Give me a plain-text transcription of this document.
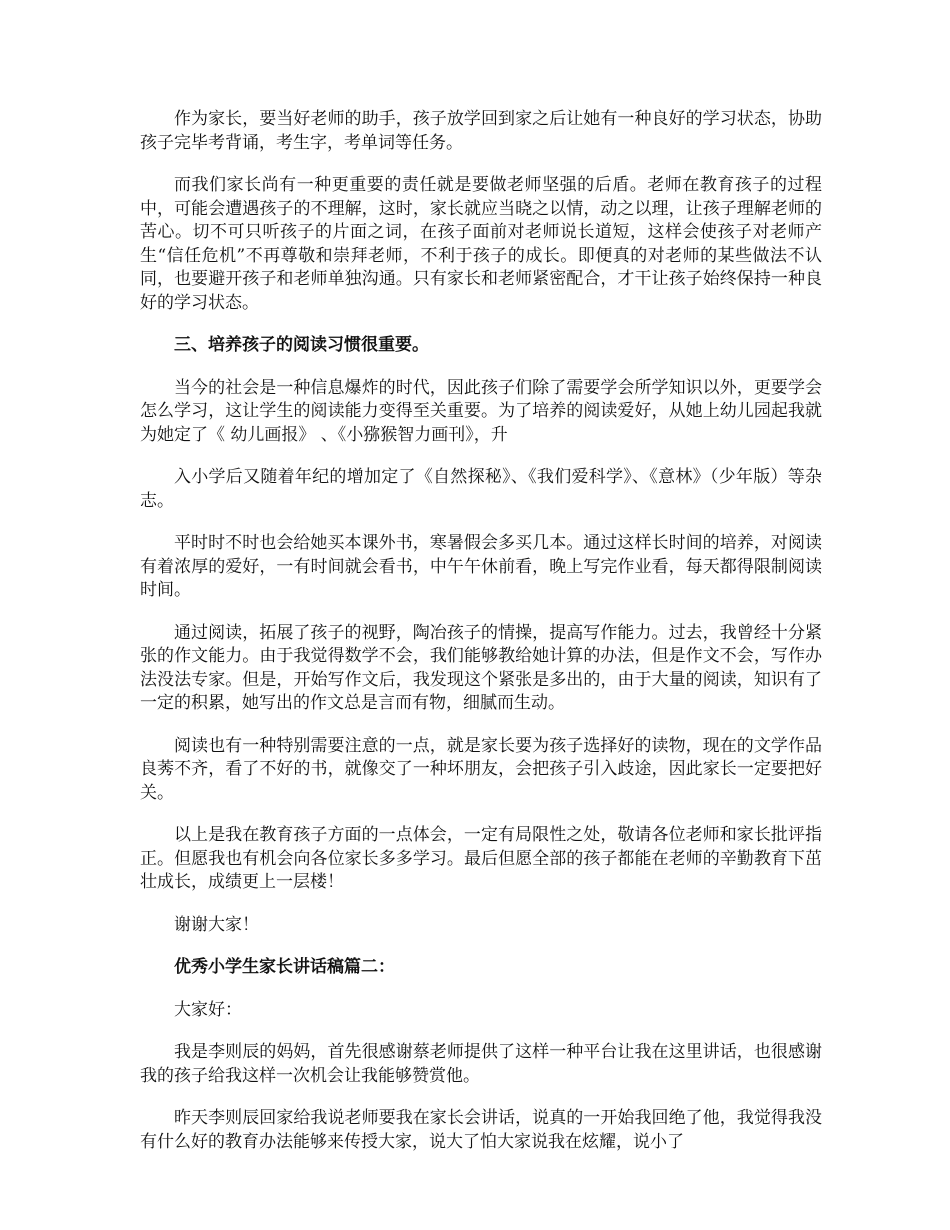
作为家长，要当好老师的助手，孩子放学回到家之后让她有一种良好的学习状态，协助孩子完毕考背诵，考生字，考单词等任务。

而我们家长尚有一种更重要的责任就是要做老师坚强的后盾。老师在教育孩子的过程中，可能会遭遇孩子的不理解，这时，家长就应当晓之以情，动之以理，让孩子理解老师的苦心。切不可只听孩子的片面之词，在孩子面前对老师说长道短，这样会使孩子对老师产生“信任危机”不再尊敬和崇拜老师，不利于孩子的成长。即便真的对老师的某些做法不认同，也要避开孩子和老师单独沟通。只有家长和老师紧密配合，才干让孩子始终保持一种良好的学习状态。

三、培养孩子的阅读习惯很重要。

当今的社会是一种信息爆炸的时代，因此孩子们除了需要学会所学知识以外，更要学会怎么学习，这让学生的阅读能力变得至关重要。为了培养的阅读爱好，从她上幼儿园起我就为她定了《 幼儿画报》 、《小猕猴智力画刊》，升

入小学后又随着年纪的增加定了《自然探秘》、《我们爱科学》、《意林》（少年版）等杂志。

平时时不时也会给她买本课外书，寒暑假会多买几本。通过这样长时间的培养，对阅读有着浓厚的爱好，一有时间就会看书，中午午休前看，晚上写完作业看，每天都得限制阅读时间。

通过阅读，拓展了孩子的视野，陶冶孩子的情操，提高写作能力。过去，我曾经十分紧张的作文能力。由于我觉得数学不会，我们能够教给她计算的办法，但是作文不会，写作办法没法专家。但是，开始写作文后，我发现这个紧张是多出的，由于大量的阅读，知识有了一定的积累，她写出的作文总是言而有物，细腻而生动。

阅读也有一种特别需要注意的一点，就是家长要为孩子选择好的读物，现在的文学作品良莠不齐，看了不好的书，就像交了一种坏朋友，会把孩子引入歧途，因此家长一定要把好关。

以上是我在教育孩子方面的一点体会，一定有局限性之处，敬请各位老师和家长批评指正。但愿我也有机会向各位家长多多学习。最后但愿全部的孩子都能在老师的辛勤教育下茁壮成长，成绩更上一层楼！

谢谢大家！

优秀小学生家长讲话稿篇二：

大家好：

我是李则辰的妈妈，首先很感谢蔡老师提供了这样一种平台让我在这里讲话，也很感谢我的孩子给我这样一次机会让我能够赞赏他。

昨天李则辰回家给我说老师要我在家长会讲话，说真的一开始我回绝了他，我觉得我没有什么好的教育办法能够来传授大家，说大了怕大家说我在炫耀，说小了
